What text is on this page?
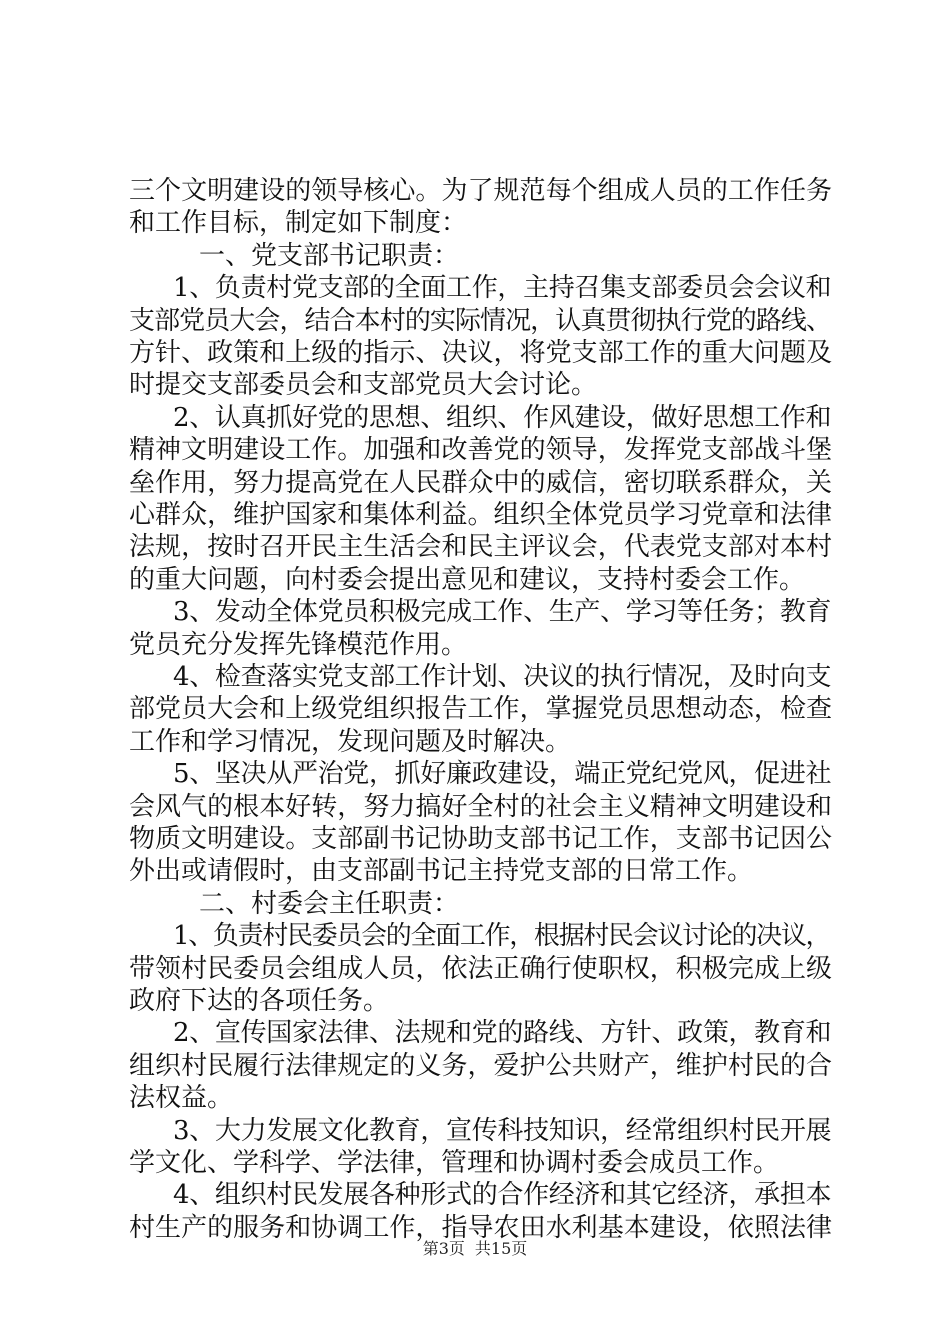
三个文明建设的领导核心。为了规范每个组成人员的工作任务
和工作目标，制定如下制度：
一、党支部书记职责：
1、负责村党支部的全面工作，主持召集支部委员会会议和
支部党员大会，结合本村的实际情况，认真贯彻执行党的路线、
方针、政策和上级的指示、决议，将党支部工作的重大问题及
时提交支部委员会和支部党员大会讨论。
2、认真抓好党的思想、组织、作风建设，做好思想工作和
精神文明建设工作。加强和改善党的领导，发挥党支部战斗堡
垒作用，努力提高党在人民群众中的威信，密切联系群众，关
心群众，维护国家和集体利益。组织全体党员学习党章和法律
法规，按时召开民主生活会和民主评议会，代表党支部对本村
的重大问题，向村委会提出意见和建议，支持村委会工作。
3、发动全体党员积极完成工作、生产、学习等任务；教育
党员充分发挥先锋模范作用。
4、检查落实党支部工作计划、决议的执行情况，及时向支
部党员大会和上级党组织报告工作，掌握党员思想动态，检查
工作和学习情况，发现问题及时解决。
5、坚决从严治党，抓好廉政建设，端正党纪党风，促进社
会风气的根本好转，努力搞好全村的社会主义精神文明建设和
物质文明建设。支部副书记协助支部书记工作，支部书记因公
外出或请假时，由支部副书记主持党支部的日常工作。
二、村委会主任职责：
1、负责村民委员会的全面工作，根据村民会议讨论的决议，
带领村民委员会组成人员，依法正确行使职权，积极完成上级
政府下达的各项任务。
2、宣传国家法律、法规和党的路线、方针、政策，教育和
组织村民履行法律规定的义务，爱护公共财产，维护村民的合
法权益。
3、大力发展文化教育，宣传科技知识，经常组织村民开展
学文化、学科学、学法律，管理和协调村委会成员工作。
4、组织村民发展各种形式的合作经济和其它经济，承担本
村生产的服务和协调工作，指导农田水利基本建设，依照法律
第3页 共15页
